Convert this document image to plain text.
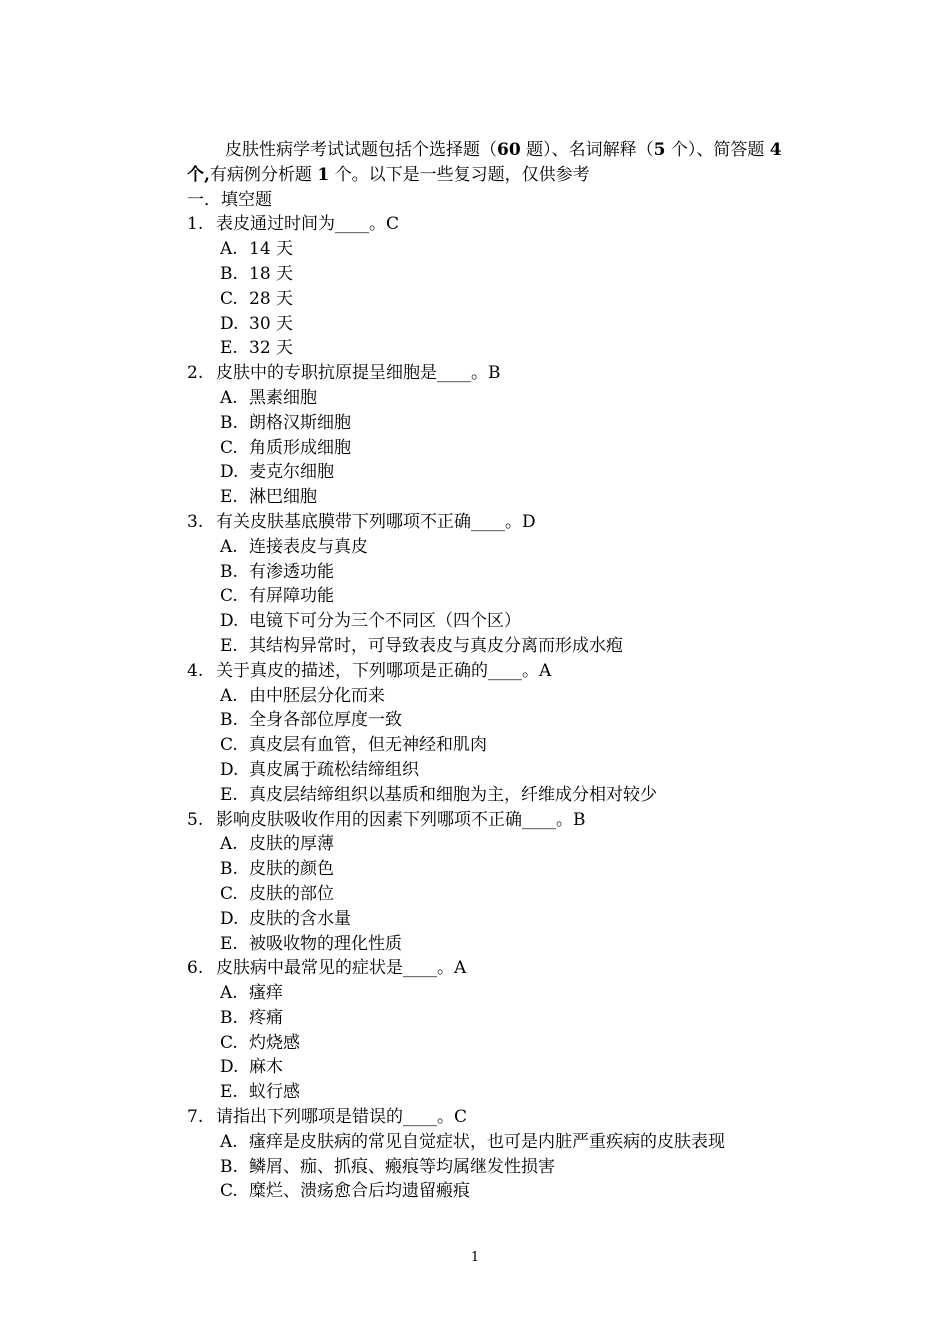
皮肤性病学考试试题包括个选择题（60 题）、名词解释（5 个）、简答题 4 个,有病例分析题 1 个。以下是一些复习题，仅供参考

一．填空题

1. 表皮通过时间为____。C

A. 14 天

B. 18 天

C. 28 天

D. 30 天

E. 32 天

2. 皮肤中的专职抗原提呈细胞是____。B

A. 黑素细胞

B. 朗格汉斯细胞

C. 角质形成细胞

D. 麦克尔细胞

E. 淋巴细胞

3. 有关皮肤基底膜带下列哪项不正确____。D

A. 连接表皮与真皮

B. 有渗透功能

C. 有屏障功能

D. 电镜下可分为三个不同区（四个区）

E. 其结构异常时，可导致表皮与真皮分离而形成水疱

4. 关于真皮的描述，下列哪项是正确的____。A

A. 由中胚层分化而来

B. 全身各部位厚度一致

C. 真皮层有血管，但无神经和肌肉

D. 真皮属于疏松结缔组织

E. 真皮层结缔组织以基质和细胞为主，纤维成分相对较少

5. 影响皮肤吸收作用的因素下列哪项不正确____。B

A. 皮肤的厚薄

B. 皮肤的颜色

C. 皮肤的部位

D. 皮肤的含水量

E. 被吸收物的理化性质

6. 皮肤病中最常见的症状是____。A

A. 瘙痒

B. 疼痛

C. 灼烧感

D. 麻木

E. 蚁行感

7. 请指出下列哪项是错误的____。C

A. 瘙痒是皮肤病的常见自觉症状，也可是内脏严重疾病的皮肤表现

B. 鳞屑、痂、抓痕、瘢痕等均属继发性损害

C. 糜烂、溃疡愈合后均遗留瘢痕

1
